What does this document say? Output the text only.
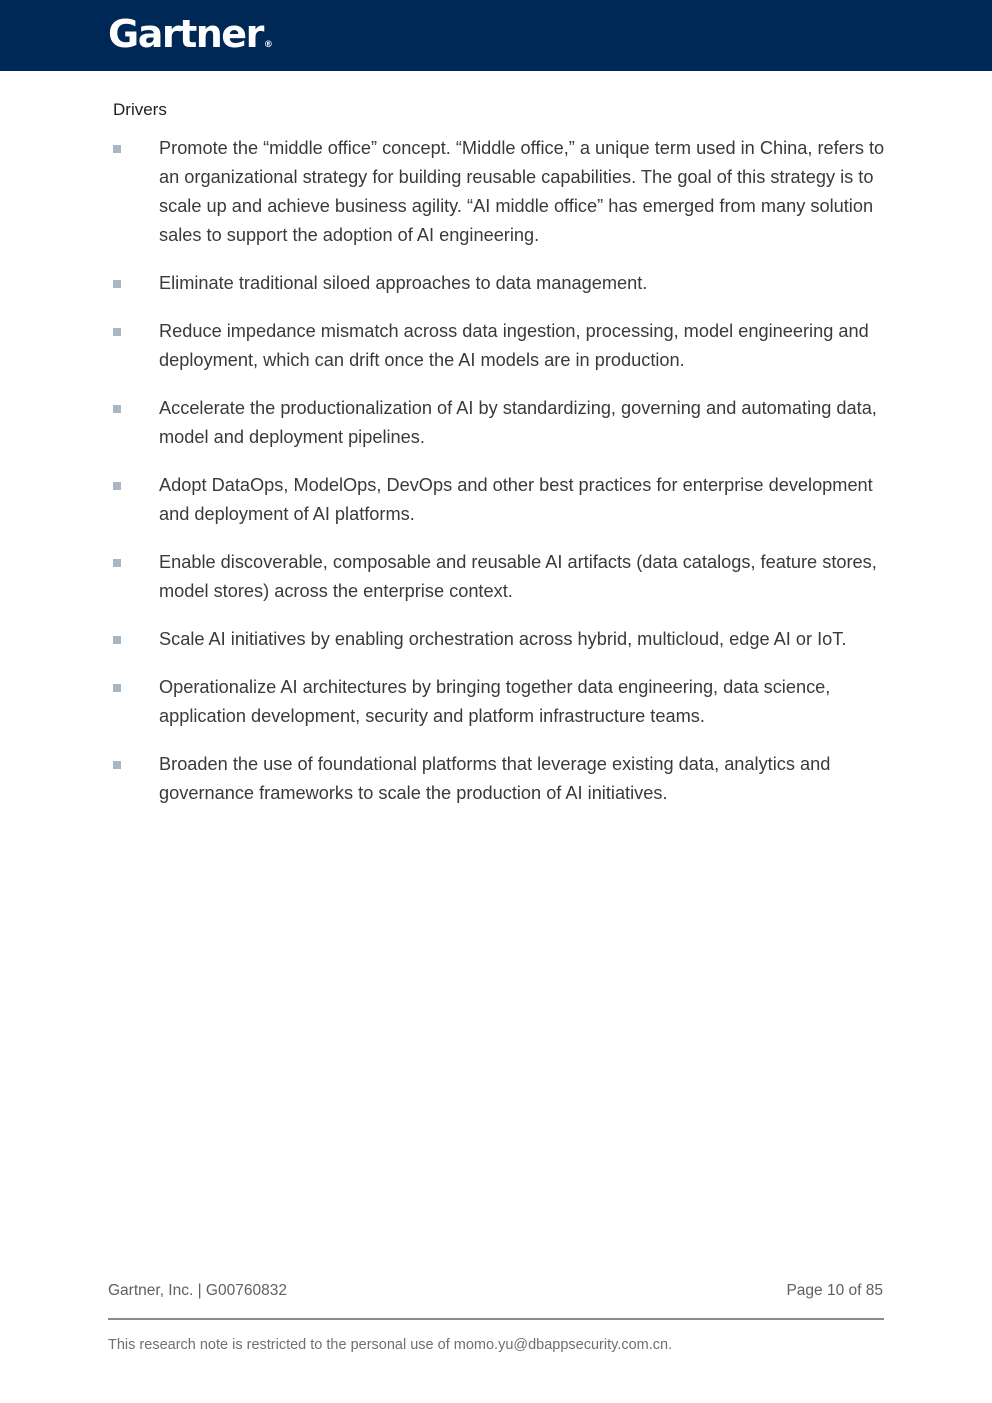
Gartner®
Drivers
Promote the “middle office” concept. “Middle office,” a unique term used in China, refers to an organizational strategy for building reusable capabilities. The goal of this strategy is to scale up and achieve business agility. “AI middle office” has emerged from many solution sales to support the adoption of AI engineering.
Eliminate traditional siloed approaches to data management.
Reduce impedance mismatch across data ingestion, processing, model engineering and deployment, which can drift once the AI models are in production.
Accelerate the productionalization of AI by standardizing, governing and automating data, model and deployment pipelines.
Adopt DataOps, ModelOps, DevOps and other best practices for enterprise development and deployment of AI platforms.
Enable discoverable, composable and reusable AI artifacts (data catalogs, feature stores, model stores) across the enterprise context.
Scale AI initiatives by enabling orchestration across hybrid, multicloud, edge AI or IoT.
Operationalize AI architectures by bringing together data engineering, data science, application development, security and platform infrastructure teams.
Broaden the use of foundational platforms that leverage existing data, analytics and governance frameworks to scale the production of AI initiatives.
Gartner, Inc. | G00760832	Page 10 of 85
This research note is restricted to the personal use of momo.yu@dbappsecurity.com.cn.
